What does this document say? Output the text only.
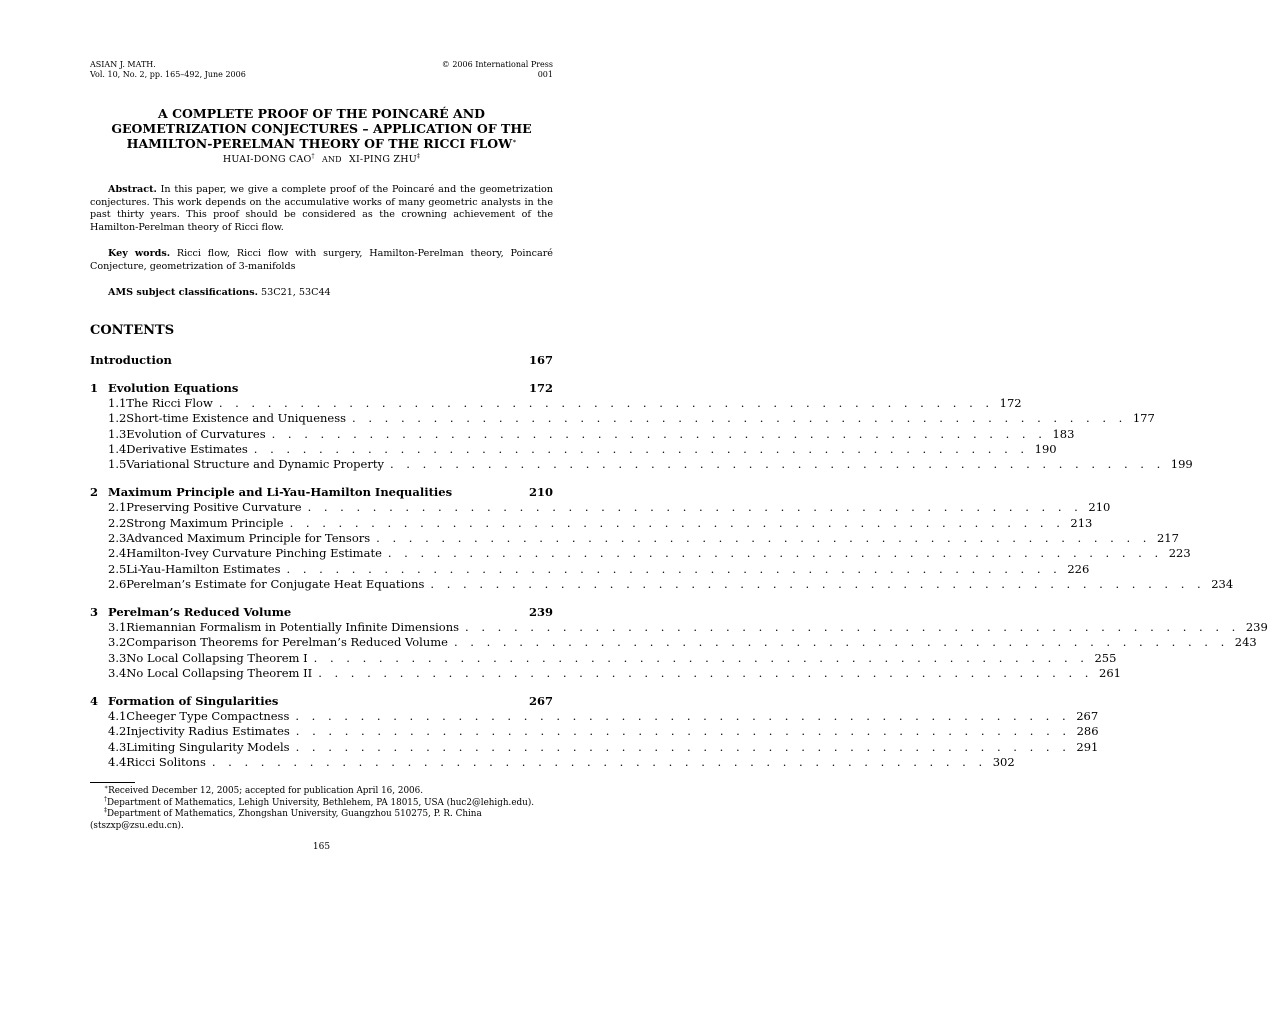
ASIAN J. MATH.
Vol. 10, No. 2, pp. 165–492, June 2006
© 2006 International Press
001
A COMPLETE PROOF OF THE POINCARÉ AND
GEOMETRIZATION CONJECTURES – APPLICATION OF THE
HAMILTON-PERELMAN THEORY OF THE RICCI FLOW∗
HUAI-DONG CAO† AND XI-PING ZHU‡
Abstract. In this paper, we give a complete proof of the Poincaré and the geometrization conjectures. This work depends on the accumulative works of many geometric analysts in the past thirty years. This proof should be considered as the crowning achievement of the Hamilton-Perelman theory of Ricci flow.
Key words. Ricci flow, Ricci flow with surgery, Hamilton-Perelman theory, Poincaré Conjecture, geometrization of 3-manifolds
AMS subject classifications. 53C21, 53C44
CONTENTS
Introduction	167
1 Evolution Equations	172
1.1 The Ricci Flow . . . . . . . . . . . . . . . . . . . . . . . . . . . . . . . . . . . . . . . . . . . . . . . . 172
1.2 Short-time Existence and Uniqueness . . . . . . . . . . . . . . . . . . . . . . . . . . . . . . . . . . . . . . . . . . . . . . . . 177
1.3 Evolution of Curvatures . . . . . . . . . . . . . . . . . . . . . . . . . . . . . . . . . . . . . . . . . . . . . . . . 183
1.4 Derivative Estimates . . . . . . . . . . . . . . . . . . . . . . . . . . . . . . . . . . . . . . . . . . . . . . . . 190
1.5 Variational Structure and Dynamic Property . . . . . . . . . . . . . . . . . . . . . . . . . . . . . . . . . . . . . . . . . . . . . . . . 199
2 Maximum Principle and Li-Yau-Hamilton Inequalities	210
2.1 Preserving Positive Curvature . . . . . . . . . . . . . . . . . . . . . . . . . . . . . . . . . . . . . . . . . . . . . . . . 210
2.2 Strong Maximum Principle . . . . . . . . . . . . . . . . . . . . . . . . . . . . . . . . . . . . . . . . . . . . . . . . 213
2.3 Advanced Maximum Principle for Tensors . . . . . . . . . . . . . . . . . . . . . . . . . . . . . . . . . . . . . . . . . . . . . . . . 217
2.4 Hamilton-Ivey Curvature Pinching Estimate . . . . . . . . . . . . . . . . . . . . . . . . . . . . . . . . . . . . . . . . . . . . . . . . 223
2.5 Li-Yau-Hamilton Estimates . . . . . . . . . . . . . . . . . . . . . . . . . . . . . . . . . . . . . . . . . . . . . . . . 226
2.6 Perelman’s Estimate for Conjugate Heat Equations . . . . . . . . . . . . . . . . . . . . . . . . . . . . . . . . . . . . . . . . . . . . . . . . 234
3 Perelman’s Reduced Volume	239
3.1 Riemannian Formalism in Potentially Infinite Dimensions . . . . . . . . . . . . . . . . . . . . . . . . . . . . . . . . . . . . . . . . . . . . . . . . 239
3.2 Comparison Theorems for Perelman’s Reduced Volume . . . . . . . . . . . . . . . . . . . . . . . . . . . . . . . . . . . . . . . . . . . . . . . . 243
3.3 No Local Collapsing Theorem I . . . . . . . . . . . . . . . . . . . . . . . . . . . . . . . . . . . . . . . . . . . . . . . . 255
3.4 No Local Collapsing Theorem II . . . . . . . . . . . . . . . . . . . . . . . . . . . . . . . . . . . . . . . . . . . . . . . . 261
4 Formation of Singularities	267
4.1 Cheeger Type Compactness . . . . . . . . . . . . . . . . . . . . . . . . . . . . . . . . . . . . . . . . . . . . . . . . 267
4.2 Injectivity Radius Estimates . . . . . . . . . . . . . . . . . . . . . . . . . . . . . . . . . . . . . . . . . . . . . . . . 286
4.3 Limiting Singularity Models . . . . . . . . . . . . . . . . . . . . . . . . . . . . . . . . . . . . . . . . . . . . . . . . 291
4.4 Ricci Solitons . . . . . . . . . . . . . . . . . . . . . . . . . . . . . . . . . . . . . . . . . . . . . . . . 302
∗Received December 12, 2005; accepted for publication April 16, 2006.
†Department of Mathematics, Lehigh University, Bethlehem, PA 18015, USA (huc2@lehigh.edu).
‡Department of Mathematics, Zhongshan University, Guangzhou 510275, P. R. China (stszxp@zsu.edu.cn).
165
